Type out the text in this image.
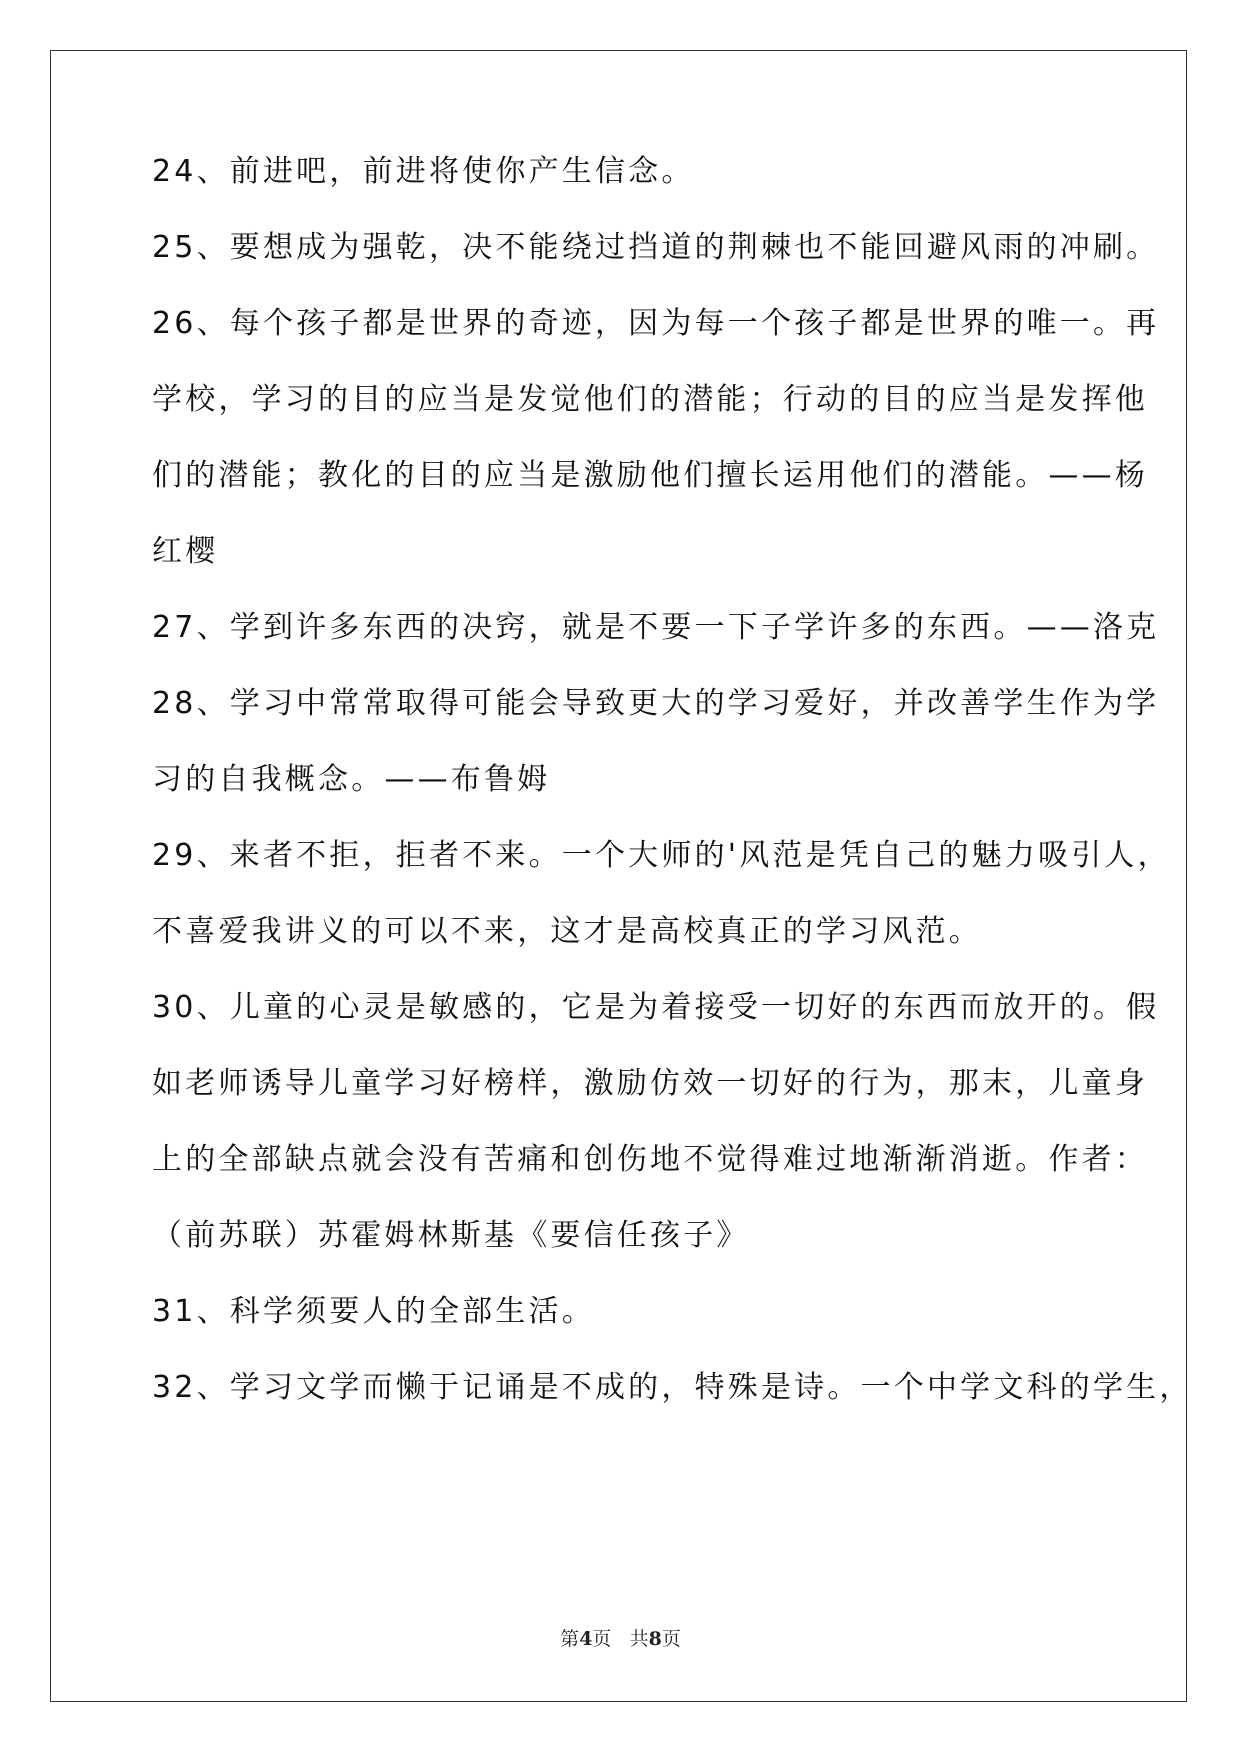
24、前进吧，前进将使你产生信念。
25、要想成为强乾，决不能绕过挡道的荆棘也不能回避风雨的冲刷。
26、每个孩子都是世界的奇迹，因为每一个孩子都是世界的唯一。再
学校，学习的目的应当是发觉他们的潜能；行动的目的应当是发挥他
们的潜能；教化的目的应当是激励他们擅长运用他们的潜能。——杨
红樱
27、学到许多东西的决窍，就是不要一下子学许多的东西。——洛克
28、学习中常常取得可能会导致更大的学习爱好，并改善学生作为学
习的自我概念。——布鲁姆
29、来者不拒，拒者不来。一个大师的'风范是凭自己的魅力吸引人，
不喜爱我讲义的可以不来，这才是高校真正的学习风范。
30、儿童的心灵是敏感的，它是为着接受一切好的东西而放开的。假
如老师诱导儿童学习好榜样，激励仿效一切好的行为，那末，儿童身
上的全部缺点就会没有苦痛和创伤地不觉得难过地渐渐消逝。作者：
（前苏联）苏霍姆林斯基《要信任孩子》
31、科学须要人的全部生活。
32、学习文学而懒于记诵是不成的，特殊是诗。一个中学文科的学生，
第4页 共8页
